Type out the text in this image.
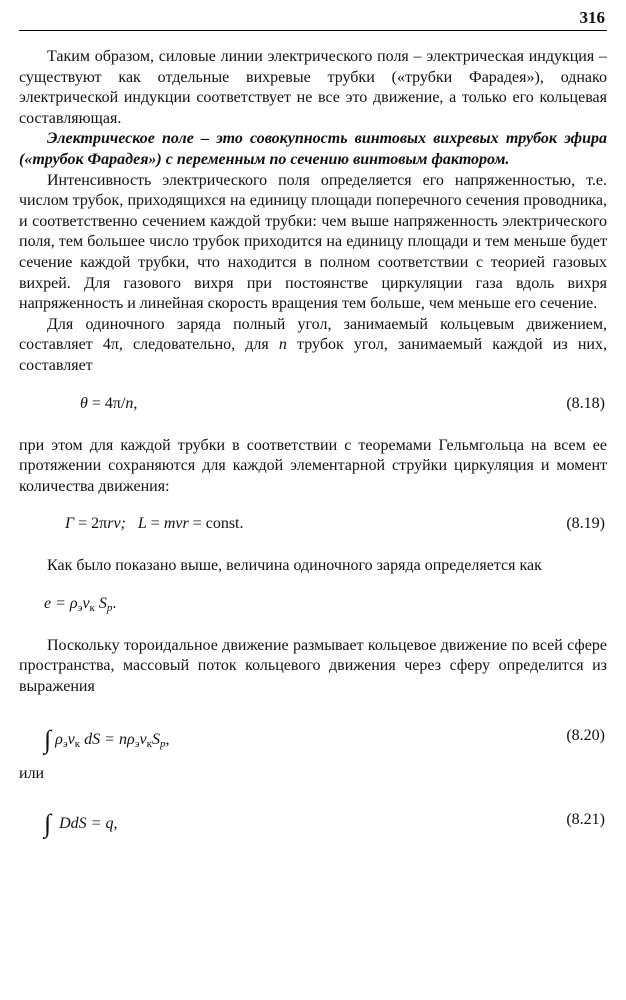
316

Таким образом, силовые линии электрического поля – электрическая индукция – существуют как отдельные вихревые трубки («трубки Фарадея»), однако электрической индукции соответствует не все это движение, а только его кольцевая составляющая.

Электрическое поле – это совокупность винтовых вихревых трубок эфира («трубок Фарадея») с переменным по сечению винтовым фактором.

Интенсивность электрического поля определяется его напряженностью, т.е. числом трубок, приходящихся на единицу площади поперечного сечения проводника, и соответственно сечением каждой трубки: чем выше напряженность электрического поля, тем большее число трубок приходится на единицу площади и тем меньше будет сечение каждой трубки, что находится в полном соответствии с теорией газовых вихрей. Для газового вихря при постоянстве циркуляции газа вдоль вихря напряженность и линейная скорость вращения тем больше, чем меньше его сечение.

Для одиночного заряда полный угол, занимаемый кольцевым движением, составляет 4π, следовательно, для n трубок угол, занимаемый каждой из них, составляет

θ = 4π/n,	(8.18)

при этом для каждой трубки в соответствии с теоремами Гельмгольца на всем ее протяжении сохраняются для каждой элементарной струйки циркуляция и момент количества движения:

Г = 2πrv; L = mvr = const.	(8.19)

Как было показано выше, величина одиночного заряда определяется как

$e = \rho_эv_к$ $S_р$.

Поскольку тороидальное движение размывает кольцевое движение по всей сфере пространства, массовый поток кольцевого движения через сферу определится из выражения

∫ $\rho_эv_к$ dS = $n\rho_эv_кS_р$,	(8.20)

или

∫ DdS = q,	(8.21)
